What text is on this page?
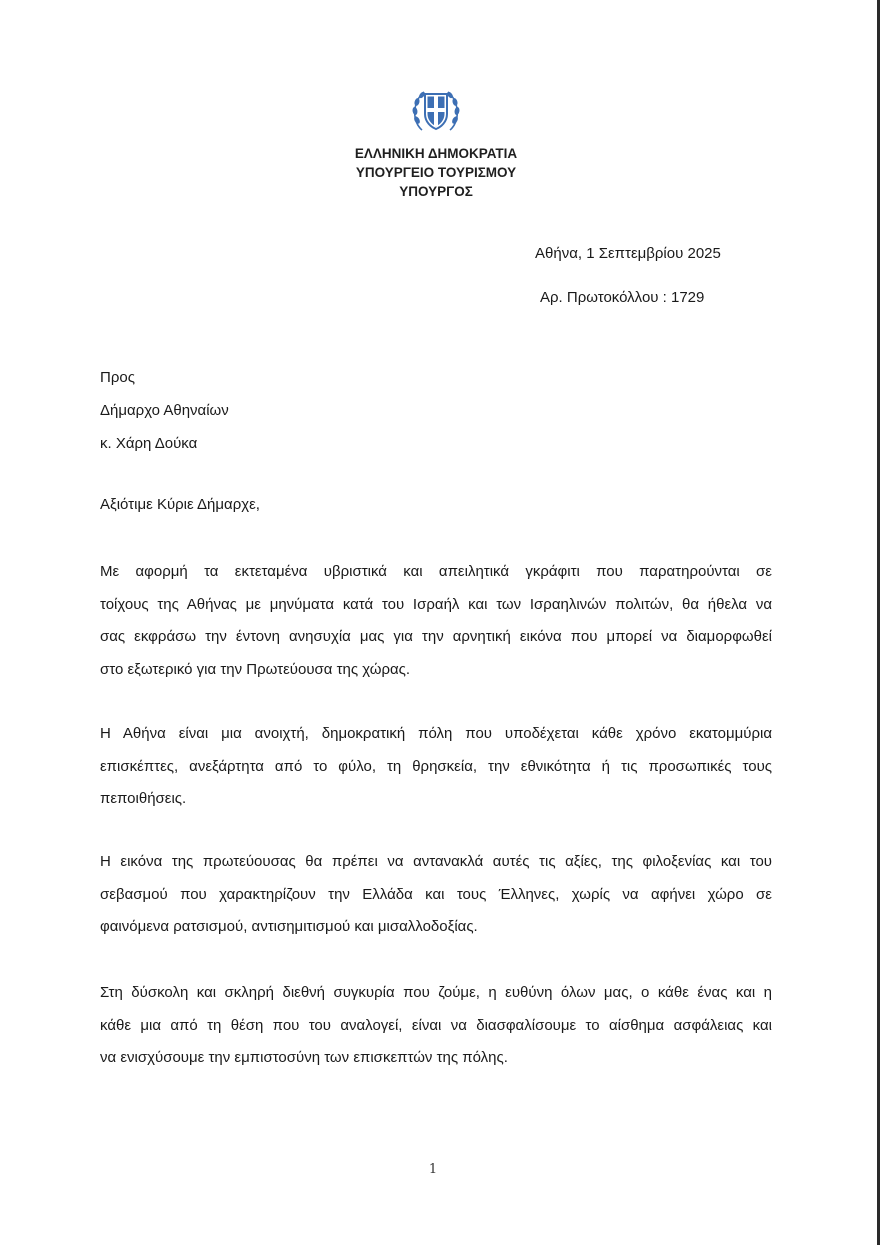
ΕΛΛΗΝΙΚΗ ΔΗΜΟΚΡΑΤΙΑ
ΥΠΟΥΡΓΕΙΟ ΤΟΥΡΙΣΜΟΥ
ΥΠΟΥΡΓΟΣ
Αθήνα, 1 Σεπτεμβρίου 2025
Αρ. Πρωτοκόλλου : 1729
Προς
Δήμαρχο Αθηναίων
κ. Χάρη Δούκα
Αξιότιμε Κύριε Δήμαρχε,
Με αφορμή τα εκτεταμένα υβριστικά και απειλητικά γκράφιτι που παρατηρούνται σε
τοίχους της Αθήνας με μηνύματα κατά του Ισραήλ και των Ισραηλινών πολιτών, θα ήθελα να
σας εκφράσω την έντονη ανησυχία μας για την αρνητική εικόνα που μπορεί να διαμορφωθεί
στο εξωτερικό για την Πρωτεύουσα της χώρας.
Η Αθήνα είναι μια ανοιχτή, δημοκρατική πόλη που υποδέχεται κάθε χρόνο εκατομμύρια
επισκέπτες, ανεξάρτητα από το φύλο, τη θρησκεία, την εθνικότητα ή τις προσωπικές τους
πεποιθήσεις.
Η εικόνα της πρωτεύουσας θα πρέπει να αντανακλά αυτές τις αξίες, της φιλοξενίας και του
σεβασμού που χαρακτηρίζουν την Ελλάδα και τους Έλληνες, χωρίς να αφήνει χώρο σε
φαινόμενα ρατσισμού, αντισημιτισμού και μισαλλοδοξίας.
Στη δύσκολη και σκληρή διεθνή συγκυρία που ζούμε, η ευθύνη όλων μας, ο κάθε ένας και η
κάθε μια από τη θέση που του αναλογεί, είναι να διασφαλίσουμε το αίσθημα ασφάλειας και
να ενισχύσουμε την εμπιστοσύνη των επισκεπτών της πόλης.
1
